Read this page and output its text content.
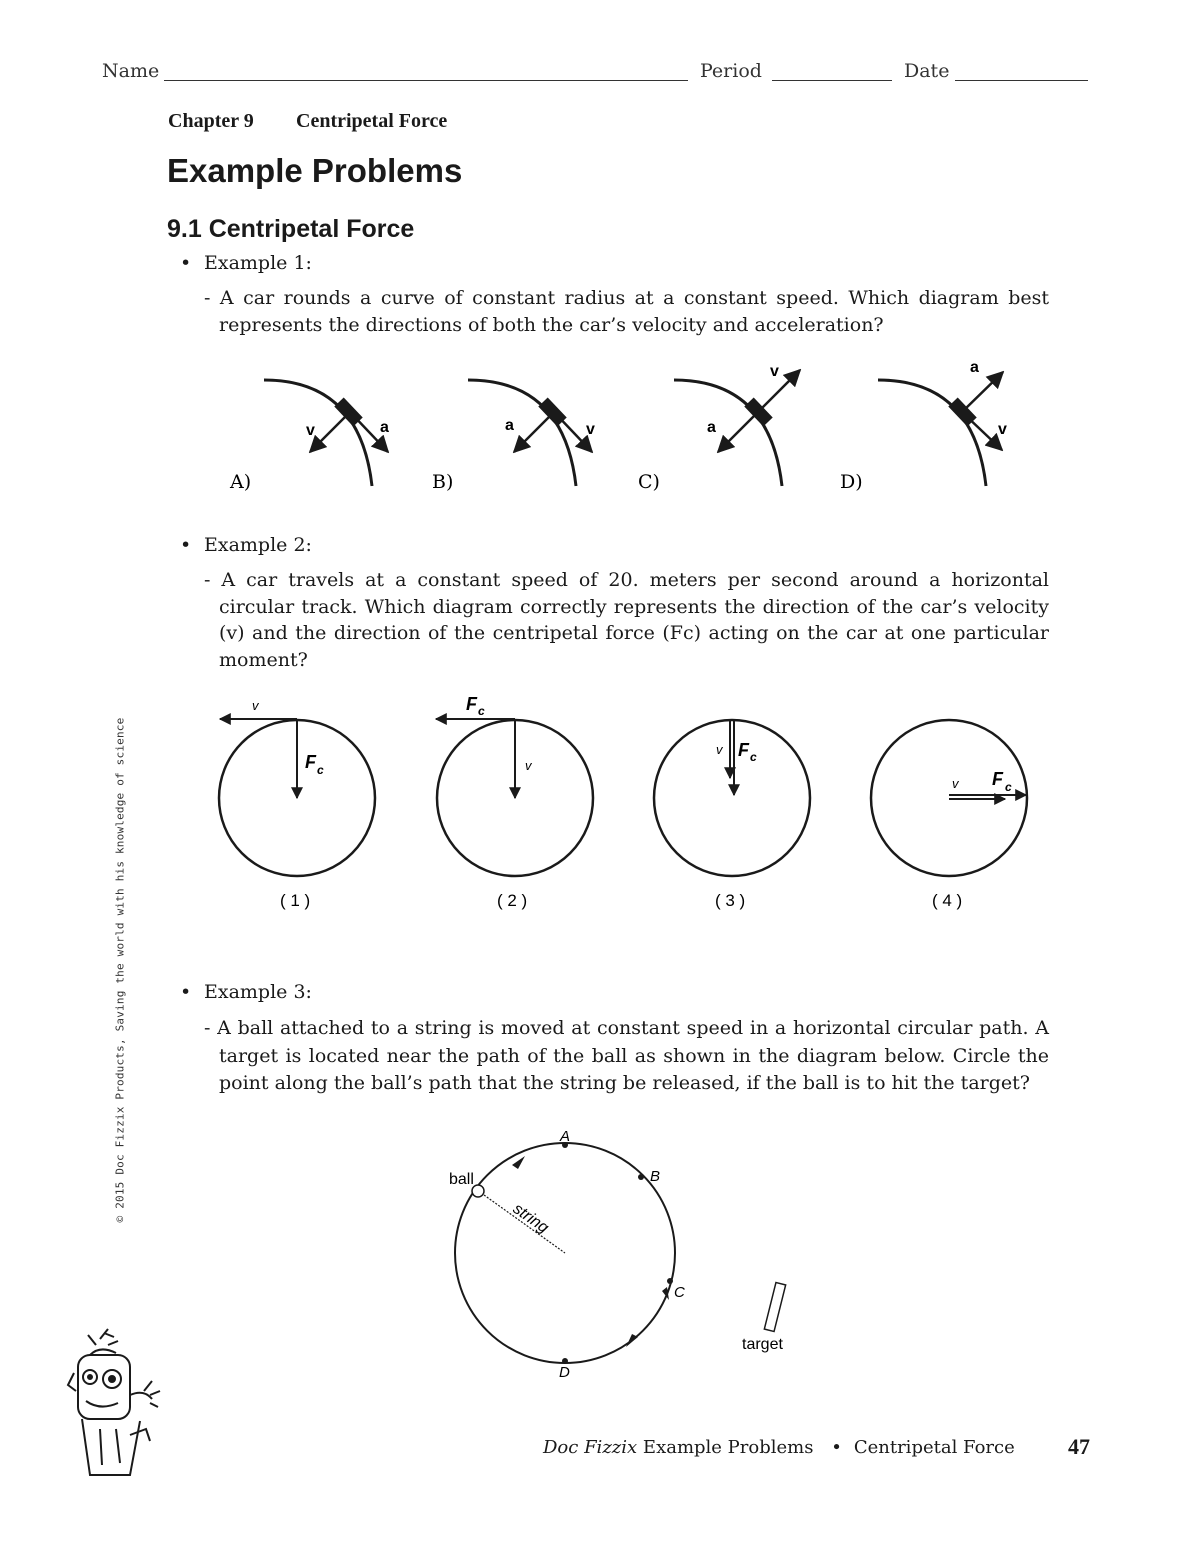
Name	Period	Date
Chapter 9 Centripetal Force
Example Problems
9.1 Centripetal Force
• Example 1:
- A car rounds a curve of constant radius at a constant speed. Which diagram best represents the directions of both the car’s velocity and acceleration?
v	a
A)
a	v
B)
v
a
C)
a
v
D)
• Example 2:
- A car travels at a constant speed of 20. meters per second around a horizontal circular track. Which diagram correctly represents the direction of the car’s velocity (v) and the direction of the centripetal force (Fc) acting on the car at one particular moment?
v
F c
( 1 )
F c
v
( 2 )
v F c
( 3 )
v F c
( 4 )
• Example 3:
- A ball attached to a string is moved at constant speed in a horizontal circular path. A target is located near the path of the ball as shown in the diagram below. Circle the point along the ball’s path that the string be released, if the ball is to hit the target?
ball
string
A
B
C
D
target
© 2015 Doc Fizzix Products, Saving the world with his knowledge of science
Doc Fizzix Example Problems • Centripetal Force 47
